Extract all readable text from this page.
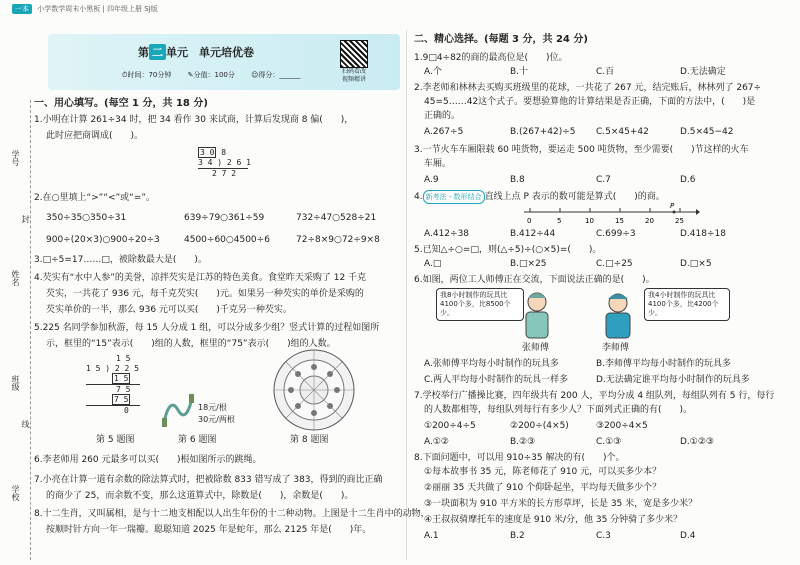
一本 小学数学周末小黑板 | 四年级上册 SJ版
第 二 单元　单元培优卷
⏱时间：70分钟 ✎分值：100分 ☺得分：______	扫码看改
视频精讲
学号
姓名
班级
学校
线
封
一、用心填写。(每空 1 分，共 18 分)
1.小明在计算 261÷34 时，把 34 看作 30 来试商，计算后发现商 8 偏(　　)，
此时应把商调成(　　)。
3 0 8
3 4 ) 2 6 1
2 7 2
2.在○里填上“>”“<”或“=”。
350÷35○350÷31	639÷79○361÷59	732÷47○528÷21
900÷(20×3)○900÷20÷3	4500÷60○4500÷6	72÷8×9○72÷9×8
3.□÷5=17……□，被除数最大是(　　)。
4.芡实有“水中人参”的美誉，凉拌芡实是江苏的特色美食。食堂昨天采购了 12 千克
芡实，一共花了 936 元，每千克芡实(　　)元。如果另一种芡实的单价是采购的
芡实单价的一半，那么 936 元可以买(　　)千克另一种芡实。
5.225 名同学参加秋游，每 15 人分成 1 组，可以分成多少组？竖式计算的过程如图所
示，框里的“15”表示(　　)组的人数，框里的“75”表示(　　)组的人数。
1 5
1 5 ) 2 2 5
1 5
7 5
7 5
0
第 5 题图
18元/根
30元/两根
第 6 题图	第 8 题图
6.李老师用 260 元最多可以买(　　)根如图所示的跳绳。
7.小亮在计算一道有余数的除法算式时，把被除数 833 错写成了 383，得到的商比正确
的商少了 25，而余数不变，那么这道算式中，除数是(　　)，余数是(　　)。
8.十二生肖，又叫属相，是与十二地支相配以人出生年份的十二种动物。上图是十二生肖中的动物，
按顺时针方向一年一瑞瓣。聪聪知道 2025 年是蛇年，那么 2125 年是(　　)年。
二、精心选择。(每题 3 分，共 24 分)
1.9□4÷82的商的最高位是(　　)位。
A.个	B.十	C.百	D.无法确定
2.李老师和林林去买购买班级里的花球，一共花了 267 元，结完账后，林林列了 267÷
45=5……42这个式子。要想验算他的计算结果是否正确，下面的方法中，(　　)是
正确的。
A.267÷5	B.(267+42)÷5 C.5×45+42	D.5×45−42
3.一节火车车厢限载 60 吨货物，要运走 500 吨货物，至少需要(　　)节这样的火车
车厢。
A.9	B.8	C.7	D.6
4. 新考法・数形结合 直线上点 P 表示的数可能是算式(　　)的商。
0	5	10	15	20	25
P
A.412÷38	B.412÷44	C.699÷3	D.418÷18
5.已知△÷○=□，则(△÷5)÷(○×5)=(　　)。
A.□	B.□×25	C.□÷25	D.□×5
6.如图，两位工人师傅正在交流，下面说法正确的是(　　)。
我8小时制作的玩具比4100个多，比8500个少。
张师傅
我4小时制作的玩具比4100个多，比4200个少。
李师傅
A.张师傅平均每小时制作的玩具多	B.李师傅平均每小时制作的玩具多
C.两人平均每小时制作的玩具一样多	D.无法确定谁平均每小时制作的玩具多
7.学校举行广播操比赛，四年级共有 200 人，平均分成 4 组队列，每组队列有 5 行，每行
的人数都相等，每组队列每行有多少人？下面列式正确的有(　　)。
①200÷4÷5	②200÷(4×5)	③200÷4×5
A.①②	B.②③	C.①③	D.①②③
8.下面问题中，可以用 910÷35 解决的有(　　)个。
①每本故事书 35 元，陈老师花了 910 元，可以买多少本？
②丽丽 35 天共做了 910 个仰卧起坐，平均每天做多少个？
③一块面积为 910 平方米的长方形草坪，长是 35 米，宽是多少米？
④王叔叔骑摩托车的速度是 910 米/分，他 35 分钟骑了多少米？
A.1	B.2	C.3	D.4
